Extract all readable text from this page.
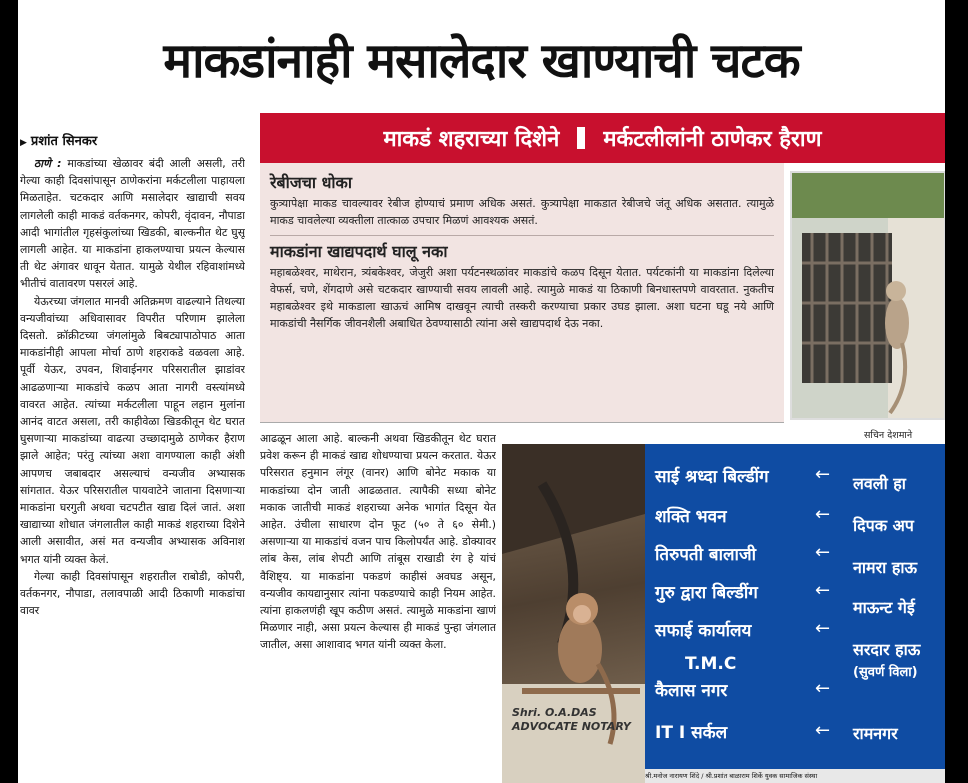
माकडांनाही मसालेदार खाण्याची चटक
▶ प्रशांत सिनकर

ठाणे : माकडांच्या खेळावर बंदी आली असली, तरी गेल्या काही दिवसांपासून ठाणेकरांना मर्कटलीला पाहायला मिळताहेत. चटकदार आणि मसालेदार खाद्याची सवय लागलेली काही माकडं वर्तकनगर, कोपरी, वृंदावन, नौपाडा आदी भागांतील गृहसंकुलांच्या खिडकी, बाल्कनीत थेट घुसू लागली आहेत. या माकडांना हाकलण्याचा प्रयत्न केल्यास ती थेट अंगावर धावून येतात. यामुळे येथील रहिवाशांमध्ये भीतीचं वातावरण पसरलं आहे.

येऊरच्या जंगलात मानवी अतिक्रमण वाढल्याने तिथल्या वन्यजीवांच्या अधिवासावर विपरीत परिणाम झालेला दिसतो. क्रॉक्रीटच्या जंगलांमुळे बिबट्यापाठोपाठ आता माकडांनीही आपला मोर्चा ठाणे शहराकडे वळवला आहे. पूर्वी येऊर, उपवन, शिवाईनगर परिसरातील झाडांवर आढळणाऱ्या माकडांचे कळप आता नागरी वस्त्यांमध्ये वावरत आहेत. त्यांच्या मर्कटलीला पाहून लहान मुलांना आनंद वाटत असला, तरी काहीवेळा खिडकीतून थेट घरात घुसणाऱ्या माकडांच्या वाढत्या उच्छादामुळे ठाणेकर हैराण झाले आहेत; परंतु त्यांच्या अशा वागण्याला काही अंशी आपणच जबाबदार असल्याचं वन्यजीव अभ्यासक सांगतात. येऊर परिसरातील पायवाटेने जाताना दिसणाऱ्या माकडांना घरगुती अथवा चटपटीत खाद्य दिलं जातं. अशा खाद्याच्या शोधात जंगलातील काही माकडं शहराच्या दिशेने आली असावीत, असं मत वन्यजीव अभ्यासक अविनाश भगत यांनी व्यक्त केलं.

गेल्या काही दिवसांपासून शहरातील राबोडी, कोपरी, वर्तकनगर, नौपाडा, तलावपाळी आदी ठिकाणी माकडांचा वावर

माकडं शहराच्या दिशेने मर्कटलीलांनी ठाणेकर हैराण
रेबीजचा धोका

कुत्र्यापेक्षा माकड चावल्यावर रेबीज होण्याचं प्रमाण अधिक असतं. कुत्र्यापेक्षा माकडात रेबीजचे जंतू अधिक असतात. त्यामुळे माकड चावलेल्या व्यक्तीला तात्काळ उपचार मिळणं आवश्यक असतं.

माकडांना खाद्यपदार्थ घालू नका

महाबळेश्वर, माथेरान, त्र्यंबकेश्वर, जेजुरी अशा पर्यटनस्थळांवर माकडांचे कळप दिसून येतात. पर्यटकांनी या माकडांना दिलेल्या वेफर्स, चणे, शेंगदाणे असे चटकदार खाण्याची सवय लावली आहे. त्यामुळे माकडं या ठिकाणी बिनधास्तपणे वावरतात. नुकतीच महाबळेश्वर इथे माकडाला खाऊचं आमिष दाखवून त्याची तस्करी करण्याचा प्रकार उघड झाला. अशा घटना घडू नये आणि माकडांची नैसर्गिक जीवनशैली अबाधित ठेवण्यासाठी त्यांना असे खाद्यपदार्थ देऊ नका.

सचिन देशमाने

आढळून आला आहे. बाल्कनी अथवा खिडकीतून थेट घरात प्रवेश करून ही माकडं खाद्य शोधण्याचा प्रयत्न करतात. येऊर परिसरात हनुमान लंगूर (वानर) आणि बोनेट मकाक या माकडांच्या दोन जाती आढळतात. त्यापैकी सध्या बोनेट मकाक जातीची माकडं शहराच्या अनेक भागांत दिसून येत आहेत. उंचीला साधारण दोन फूट (५० ते ६० सेमी.) असणाऱ्या या माकडांचं वजन पाच किलोपर्यंत आहे. डोक्यावर लांब केस, लांब शेपटी आणि तांबूस राखाडी रंग हे यांचं वैशिष्ट्य. या माकडांना पकडणं काहीसं अवघड असून, वन्यजीव कायद्यानुसार त्यांना पकडण्याचे काही नियम आहेत. त्यांना हाकलणंही खूप कठीण असतं. त्यामुळे माकडांना खाणं मिळणार नाही, असा प्रयत्न केल्यास ही माकडं पुन्हा जंगलात जातील, असा आशावाद भगत यांनी व्यक्त केला.

Shri. O.A.DAS ADVOCATE NOTARY
साई श्रध्दा बिल्डींग
शक्ति भवन
तिरुपती बालाजी
गुरु द्वारा बिल्डींग
सफाई कार्यालय
T.M.C
कैलास नगर
IT I सर्कल
←
←
←
←
←
←
←
लवली हा
दिपक अप
नामरा हाऊ
माऊन्ट गेई
सरदार हाऊ
(सुवर्ण विला)
रामनगर
श्री.मनोज नारायण शिंदे / श्री.प्रशांत बाळाराम शिर्के युवक सामाजिक संस्था
